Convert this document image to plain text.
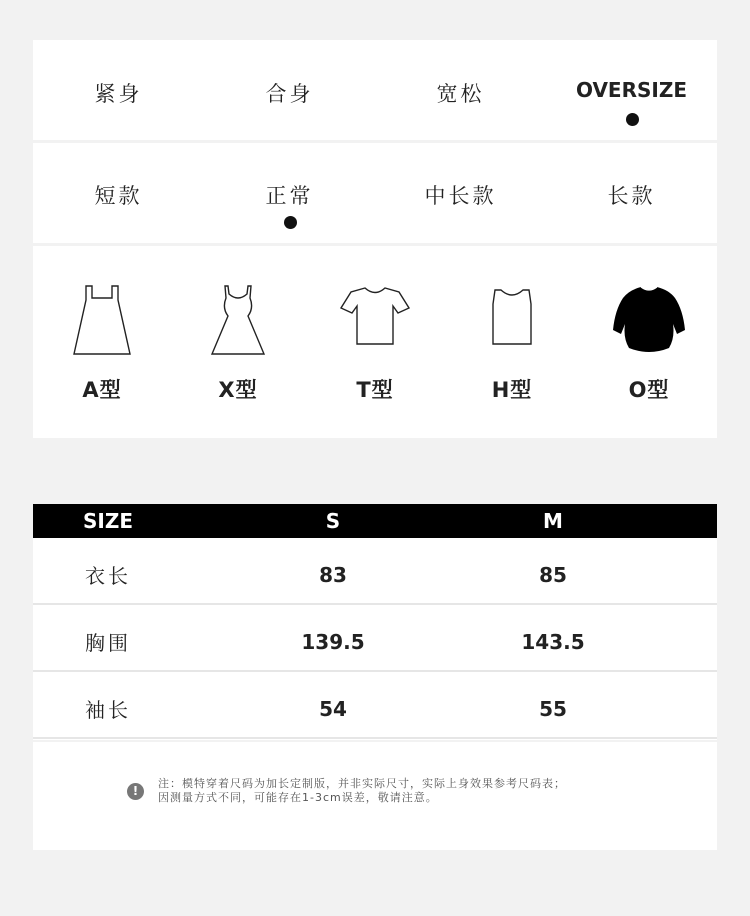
紧身	合身	宽松	OVERSIZE
短款	正常	中长款	长款
A型	X型	T型	H型	O型
SIZE	S	M
衣长	83	85
胸围	139.5	143.5
袖长	54	55
!
注：模特穿着尺码为加长定制版，并非实际尺寸，实际上身效果参考尺码表；
因测量方式不同，可能存在1-3cm误差，敬请注意。
